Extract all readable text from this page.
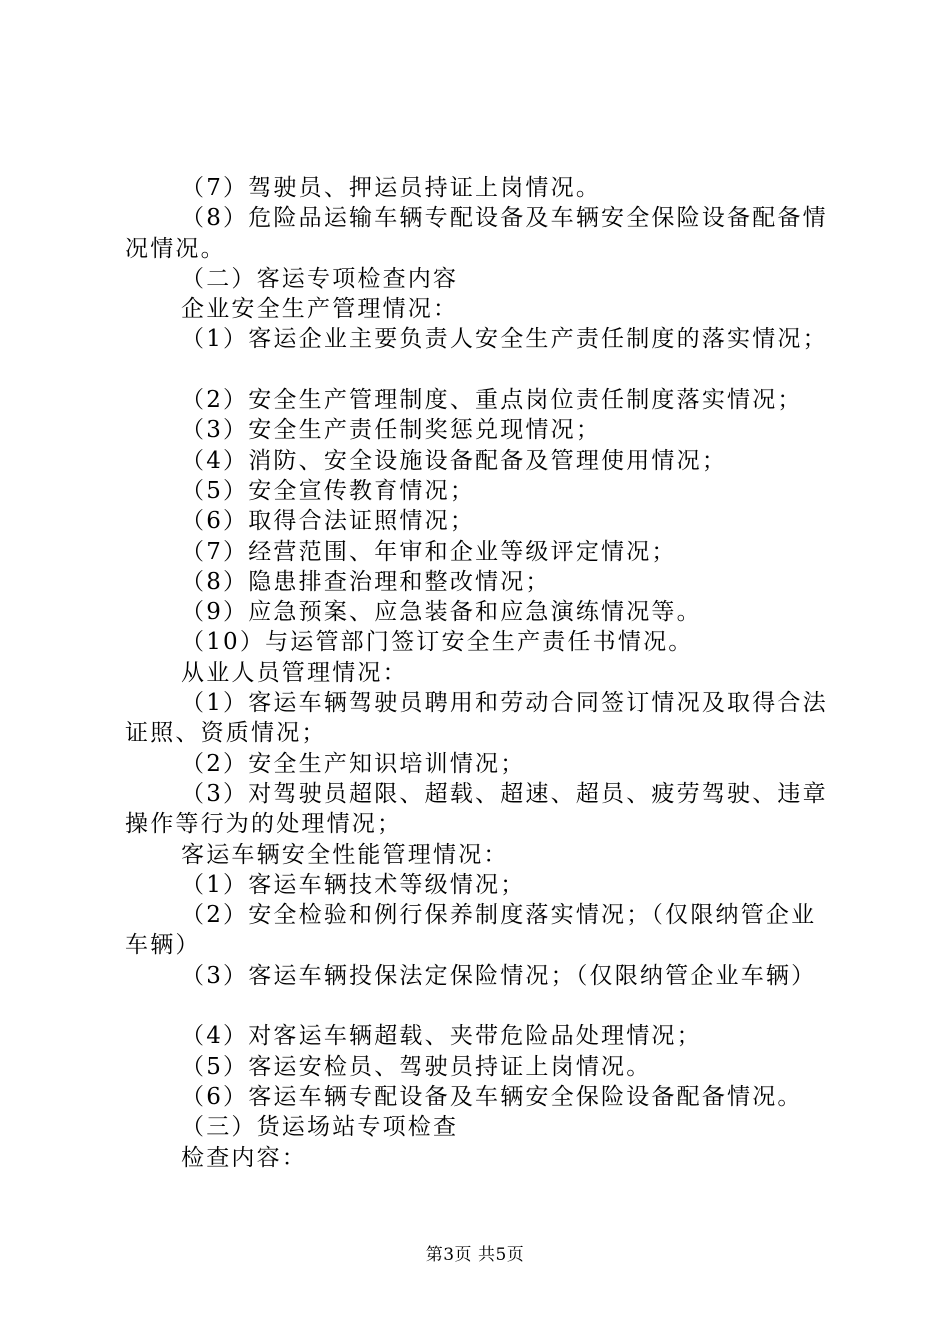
（7）驾驶员、押运员持证上岗情况。
（8）危险品运输车辆专配设备及车辆安全保险设备配备情
况情况。
（二）客运专项检查内容
企业安全生产管理情况：
（1）客运企业主要负责人安全生产责任制度的落实情况；
（2）安全生产管理制度、重点岗位责任制度落实情况；
（3）安全生产责任制奖惩兑现情况；
（4）消防、安全设施设备配备及管理使用情况；
（5）安全宣传教育情况；
（6）取得合法证照情况；
（7）经营范围、年审和企业等级评定情况；
（8）隐患排查治理和整改情况；
（9）应急预案、应急装备和应急演练情况等。
（10）与运管部门签订安全生产责任书情况。
从业人员管理情况：
（1）客运车辆驾驶员聘用和劳动合同签订情况及取得合法
证照、资质情况；
（2）安全生产知识培训情况；
（3）对驾驶员超限、超载、超速、超员、疲劳驾驶、违章
操作等行为的处理情况；
客运车辆安全性能管理情况：
（1）客运车辆技术等级情况；
（2）安全检验和例行保养制度落实情况；（仅限纳管企业
车辆）
（3）客运车辆投保法定保险情况；（仅限纳管企业车辆）
（4）对客运车辆超载、夹带危险品处理情况；
（5）客运安检员、驾驶员持证上岗情况。
（6）客运车辆专配设备及车辆安全保险设备配备情况。
（三）货运场站专项检查
检查内容：
第3页 共5页
